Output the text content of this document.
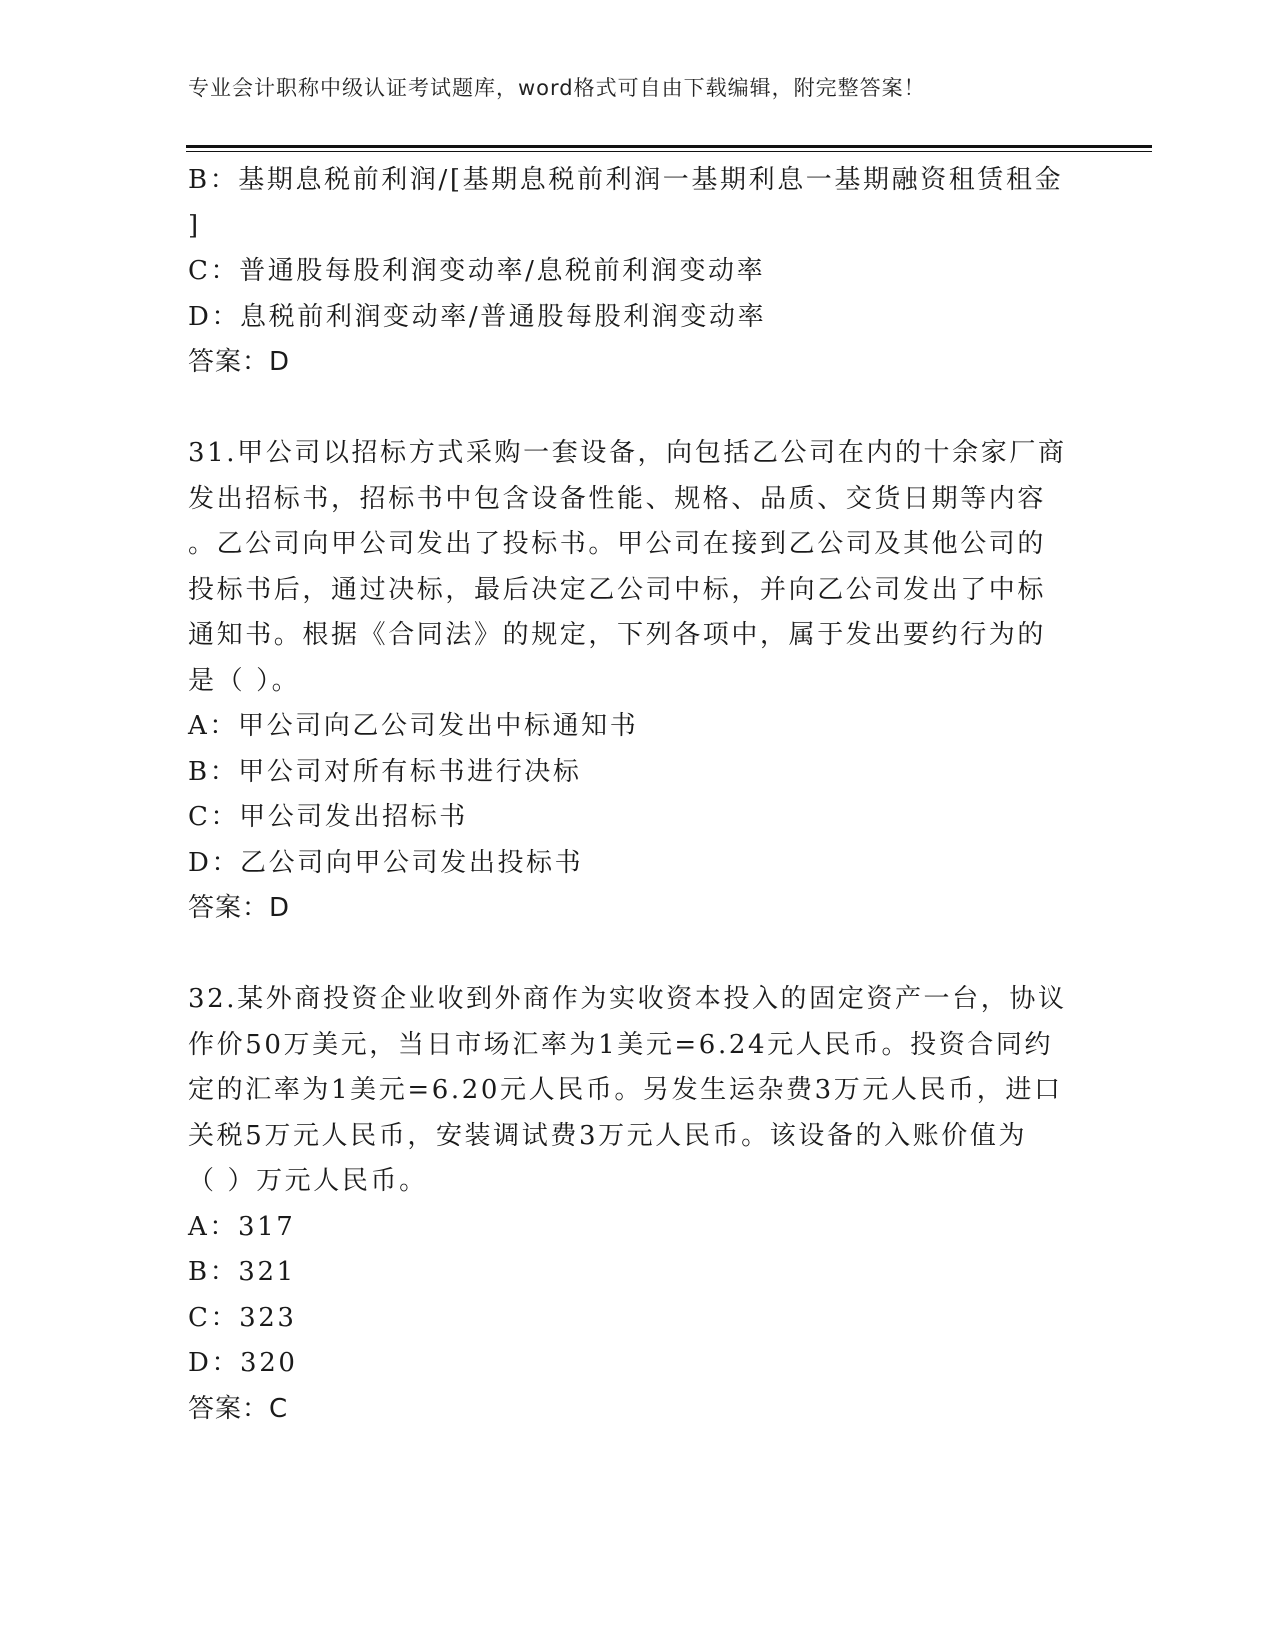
专业会计职称中级认证考试题库，word格式可自由下载编辑，附完整答案！
B：基期息税前利润/[基期息税前利润一基期利息一基期融资租赁租金
]
C：普通股每股利润变动率/息税前利润变动率
D：息税前利润变动率/普通股每股利润变动率
答案：D
31.甲公司以招标方式采购一套设备，向包括乙公司在内的十余家厂商
发出招标书，招标书中包含设备性能、规格、品质、交货日期等内容
。乙公司向甲公司发出了投标书。甲公司在接到乙公司及其他公司的
投标书后，通过决标，最后决定乙公司中标，并向乙公司发出了中标
通知书。根据《合同法》的规定，下列各项中，属于发出要约行为的
是（ ）。
A：甲公司向乙公司发出中标通知书
B：甲公司对所有标书进行决标
C：甲公司发出招标书
D：乙公司向甲公司发出投标书
答案：D
32.某外商投资企业收到外商作为实收资本投入的固定资产一台，协议
作价50万美元，当日市场汇率为1美元=6.24元人民币。投资合同约
定的汇率为1美元=6.20元人民币。另发生运杂费3万元人民币，进口
关税5万元人民币，安装调试费3万元人民币。该设备的入账价值为
（ ）万元人民币。
A：317
B：321
C：323
D：320
答案：C
